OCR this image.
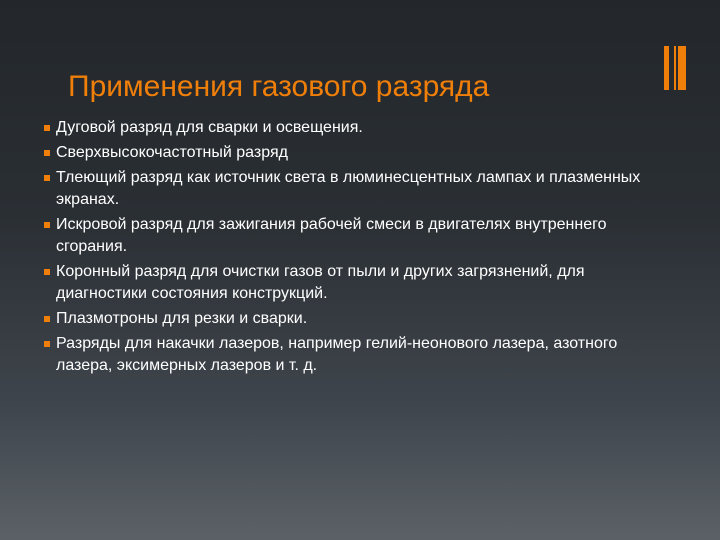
Применения газового разряда
Дуговой разряд для сварки и освещения.
Сверхвысокочастотный разряд
Тлеющий разряд как источник света в люминесцентных лампах и плазменных экранах.
Искровой разряд для зажигания рабочей смеси в двигателях внутреннего сгорания.
Коронный разряд для очистки газов от пыли и других загрязнений, для диагностики состояния конструкций.
Плазмотроны для резки и сварки.
Разряды для накачки лазеров, например гелий-неонового лазера, азотного лазера, эксимерных лазеров и т. д.
